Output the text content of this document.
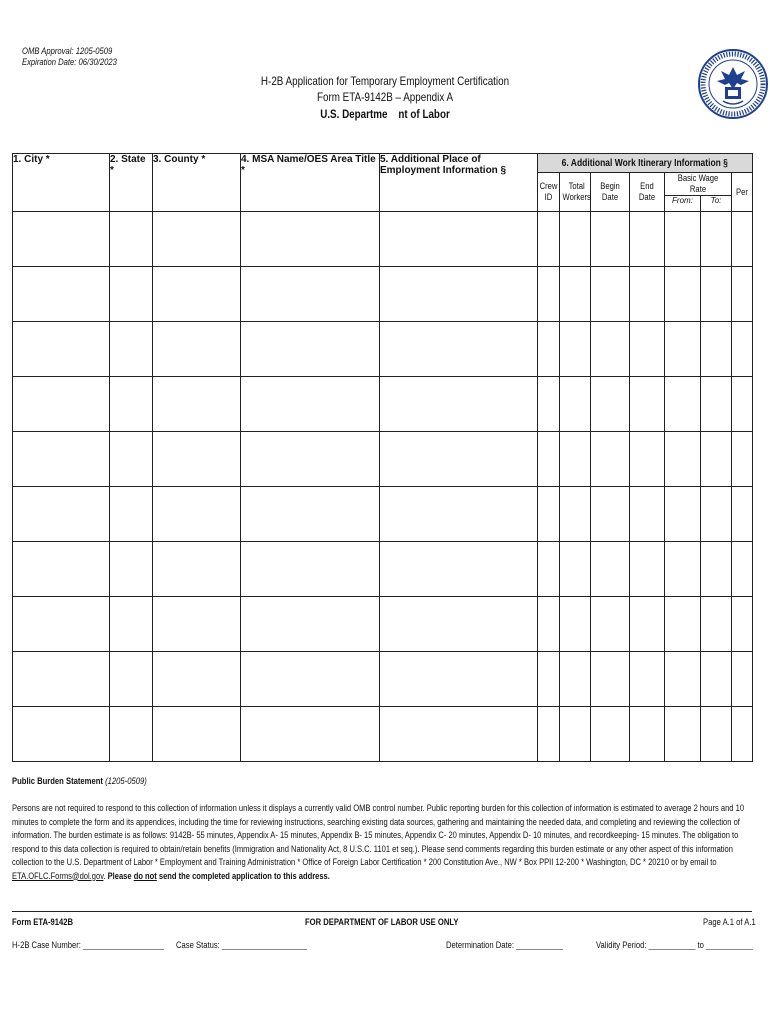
OMB Approval: 1205-0509
Expiration Date: 06/30/2023
H-2B Application for Temporary Employment Certification
Form ETA-9142B – Appendix A
U.S. Departme    nt of Labor
1. City *	2. State *	3. County *	4. MSA Name/OES Area Title *	5. Additional Place of Employment Information §	6. Additional Work Itinerary Information §						
					Crew ID	Total Workers	Begin Date	End Date	Basic Wage Rate		Per
									From:	To:	

Public Burden Statement (1205-0509)
Persons are not required to respond to this collection of information unless it displays a currently valid OMB control number. Public reporting burden for this collection of information is estimated to average 2 hours and 10 minutes to complete the form and its appendices, including the time for reviewing instructions, searching existing data sources, gathering and maintaining the needed data, and completing and reviewing the collection of information. The burden estimate is as follows: 9142B- 55 minutes, Appendix A- 15 minutes, Appendix B- 15 minutes, Appendix C- 20 minutes, Appendix D- 10 minutes, and recordkeeping- 15 minutes. The obligation to respond to this data collection is required to obtain/retain benefits (Immigration and Nationality Act, 8 U.S.C. 1101 et seq.). Please send comments regarding this burden estimate or any other aspect of this information collection to the U.S. Department of Labor * Employment and Training Administration * Office of Foreign Labor Certification * 200 Constitution Ave., NW * Box PPII 12-200 * Washington, DC * 20210 or by email to ETA.OFLC.Forms@dol.gov. Please do not send the completed application to this address.
Form ETA-9142B	FOR DEPARTMENT OF LABOR USE ONLY	Page A.1 of A.1
H-2B Case Number: ___________________ Case Status: ____________________	Determination Date: ___________	Validity Period: ___________ to ___________
